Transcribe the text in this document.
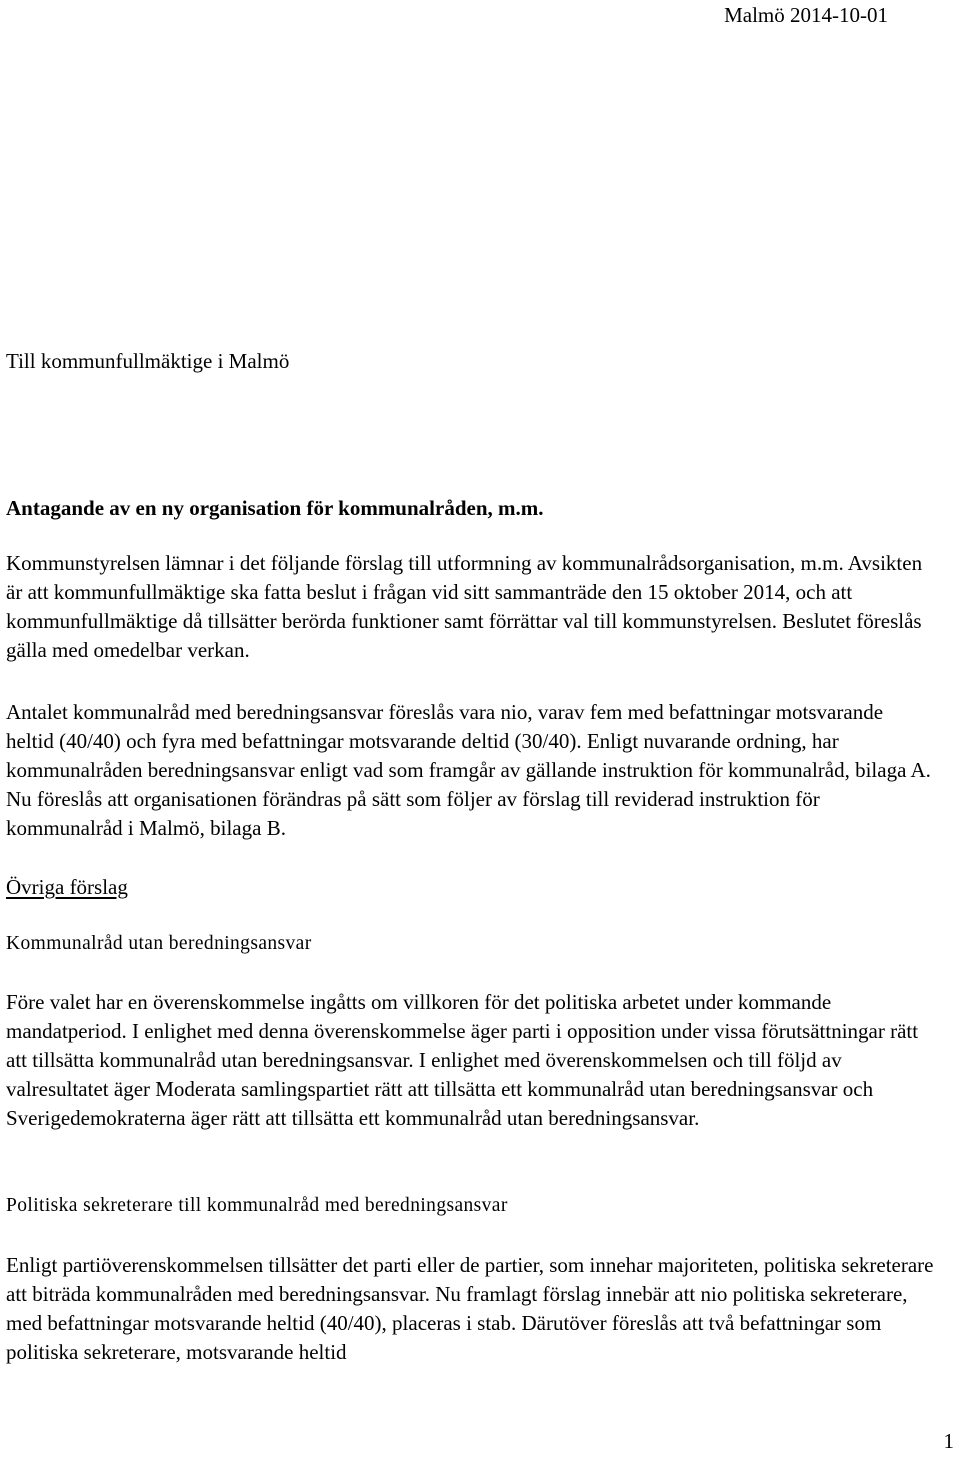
Malmö 2014-10-01
Till kommunfullmäktige i Malmö
Antagande av en ny organisation för kommunalråden, m.m.

Kommunstyrelsen lämnar i det följande förslag till utformning av kommunalrådsorganisation, m.m. Avsikten är att kommunfullmäktige ska fatta beslut i frågan vid sitt sammanträde den 15 oktober 2014, och att kommunfullmäktige då tillsätter berörda funktioner samt förrättar val till kommunstyrelsen. Beslutet föreslås gälla med omedelbar verkan.

Antalet kommunalråd med beredningsansvar föreslås vara nio, varav fem med befattningar motsvarande heltid (40/40) och fyra med befattningar motsvarande deltid (30/40). Enligt nuvarande ordning, har kommunalråden beredningsansvar enligt vad som framgår av gällande instruktion för kommunalråd, bilaga A. Nu föreslås att organisationen förändras på sätt som följer av förslag till reviderad instruktion för kommunalråd i Malmö, bilaga B.

Övriga förslag
Kommunalråd utan beredningsansvar

Före valet har en överenskommelse ingåtts om villkoren för det politiska arbetet under kommande mandatperiod. I enlighet med denna överenskommelse äger parti i opposition under vissa förutsättningar rätt att tillsätta kommunalråd utan beredningsansvar. I enlighet med överenskommelsen och till följd av valresultatet äger Moderata samlingspartiet rätt att tillsätta ett kommunalråd utan beredningsansvar och Sverigedemokraterna äger rätt att tillsätta ett kommunalråd utan beredningsansvar.

Politiska sekreterare till kommunalråd med beredningsansvar

Enligt partiöverenskommelsen tillsätter det parti eller de partier, som innehar majoriteten, politiska sekreterare att biträda kommunalråden med beredningsansvar. Nu framlagt förslag innebär att nio politiska sekreterare, med befattningar motsvarande heltid (40/40), placeras i stab. Därutöver föreslås att två befattningar som politiska sekreterare, motsvarande heltid

1
